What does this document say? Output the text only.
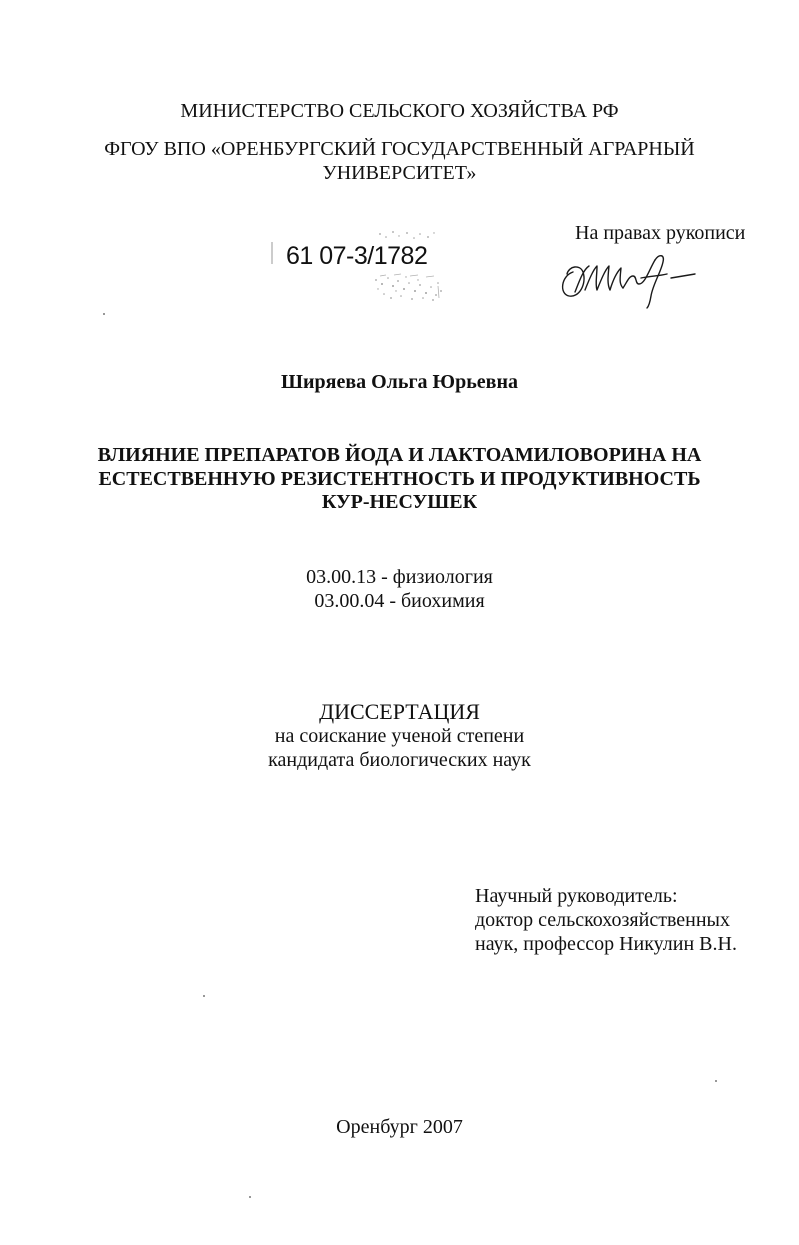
МИНИСТЕРСТВО СЕЛЬСКОГО ХОЗЯЙСТВА РФ
ФГОУ ВПО «ОРЕНБУРГСКИЙ ГОСУДАРСТВЕННЫЙ АГРАРНЫЙ
УНИВЕРСИТЕТ»
61 07-3/1782
На правах рукописи
Ширяева Ольга Юрьевна
ВЛИЯНИЕ ПРЕПАРАТОВ ЙОДА И ЛАКТОАМИЛОВОРИНА НА
ЕСТЕСТВЕННУЮ РЕЗИСТЕНТНОСТЬ И ПРОДУКТИВНОСТЬ
КУР-НЕСУШЕК
03.00.13 - физиология
03.00.04 - биохимия
ДИССЕРТАЦИЯ
на соискание ученой степени
кандидата биологических наук
Научный руководитель:
доктор сельскохозяйственных
наук, профессор Никулин В.Н.
Оренбург 2007
